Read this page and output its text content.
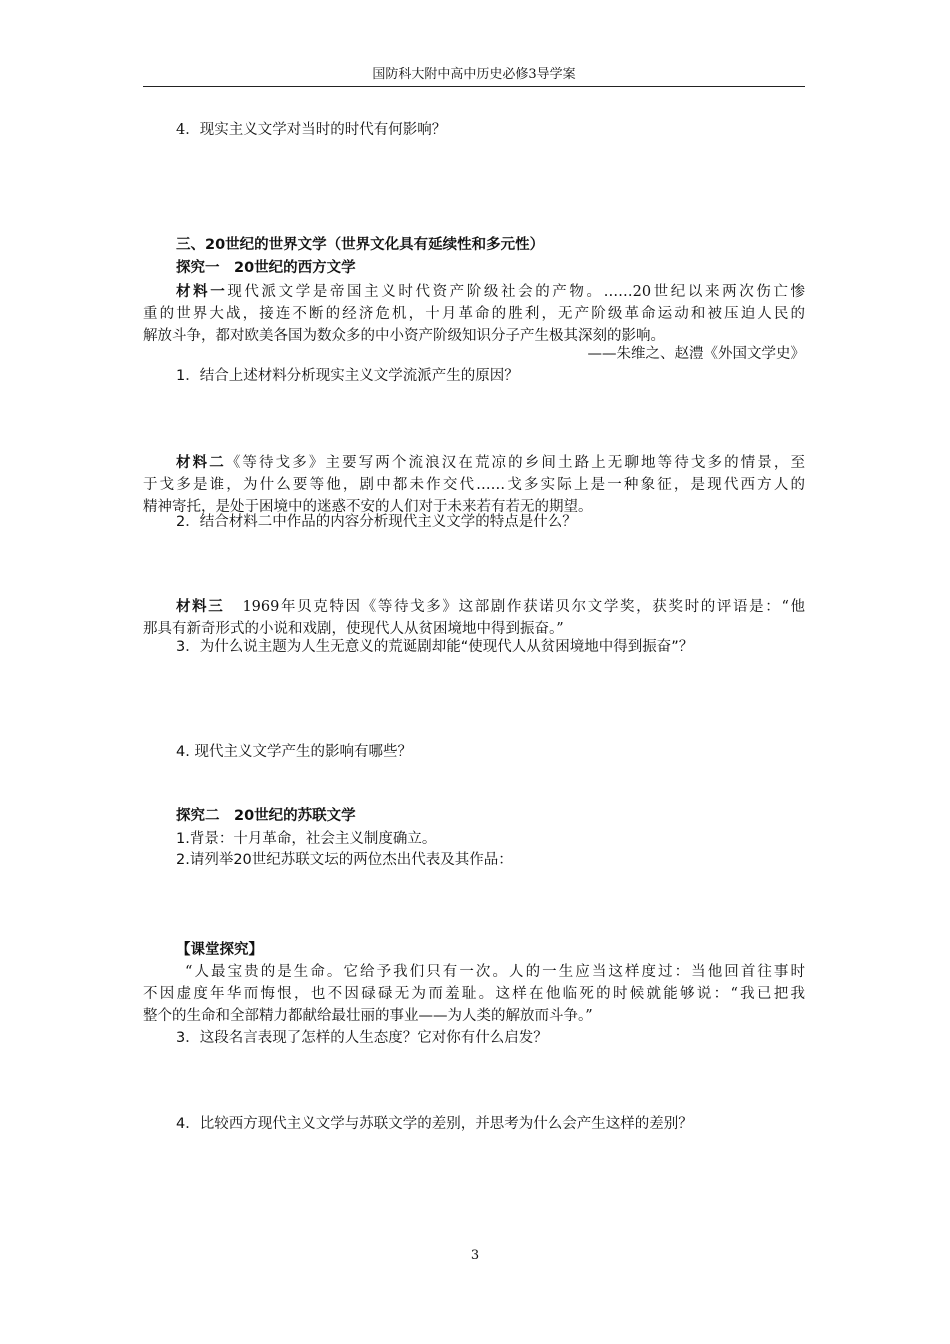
国防科大附中高中历史必修3导学案
4．现实主义文学对当时的时代有何影响？
三、20世纪的世界文学（世界文化具有延续性和多元性）
探究一　20世纪的西方文学
材料一现代派文学是帝国主义时代资产阶级社会的产物。……20世纪以来两次伤亡惨
重的世界大战，接连不断的经济危机，十月革命的胜利，无产阶级革命运动和被压迫人民的
解放斗争，都对欧美各国为数众多的中小资产阶级知识分子产生极其深刻的影响。
——朱维之、赵澧《外国文学史》
1．结合上述材料分析现实主义文学流派产生的原因？
材料二《等待戈多》主要写两个流浪汉在荒凉的乡间土路上无聊地等待戈多的情景，至
于戈多是谁，为什么要等他，剧中都未作交代……戈多实际上是一种象征，是现代西方人的
精神寄托，是处于困境中的迷惑不安的人们对于未来若有若无的期望。
2．结合材料二中作品的内容分析现代主义文学的特点是什么？
材料三 1969年贝克特因《等待戈多》这部剧作获诺贝尔文学奖，获奖时的评语是：“他
那具有新奇形式的小说和戏剧，使现代人从贫困境地中得到振奋。”
3．为什么说主题为人生无意义的荒诞剧却能“使现代人从贫困境地中得到振奋”？
4. 现代主义文学产生的影响有哪些？
探究二　20世纪的苏联文学
1.背景：十月革命，社会主义制度确立。
2.请列举20世纪苏联文坛的两位杰出代表及其作品：
【课堂探究】
“人最宝贵的是生命。它给予我们只有一次。人的一生应当这样度过：当他回首往事时
不因虚度年华而悔恨，也不因碌碌无为而羞耻。这样在他临死的时候就能够说：“我已把我
整个的生命和全部精力都献给最壮丽的事业——为人类的解放而斗争。”
3．这段名言表现了怎样的人生态度？它对你有什么启发？
4．比较西方现代主义文学与苏联文学的差别，并思考为什么会产生这样的差别？
3
